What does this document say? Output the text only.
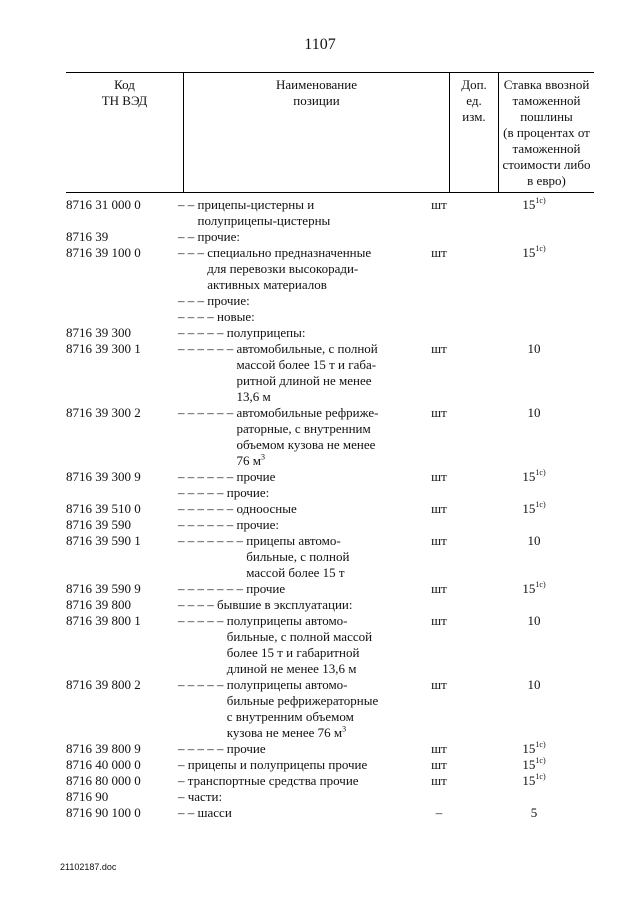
1107
Код
ТН ВЭД
Наименование
позиции
Доп.
ед.
изм.
Ставка ввозной
таможенной
пошлины
(в процентах от
таможенной
стоимости либо
в евро)
8716 31 000 0	– – прицепы-цистерны и
полуприцепы-цистерны
шт	$15^{1с)}$
8716 39	– – прочие:
8716 39 100 0	– – – специально предназначенные
для перевозки высокоради-
активных материалов
шт	$15^{1с)}$
– – – прочие:
– – – – новые:
8716 39 300	– – – – – полуприцепы:
8716 39 300 1	– – – – – – автомобильные, с полной
массой более 15 т и габа-
ритной длиной не менее
13,6 м
шт	10
8716 39 300 2	– – – – – – автомобильные рефриже-
раторные, с внутренним
объемом кузова не менее
76 $м^3$
шт	10
8716 39 300 9	– – – – – – прочие	шт	$15^{1с)}$
– – – – – прочие:
8716 39 510 0	– – – – – – одноосные	шт	$15^{1с)}$
8716 39 590	– – – – – – прочие:
8716 39 590 1	– – – – – – – прицепы автомо-
бильные, с полной
массой более 15 т
шт	10
8716 39 590 9	– – – – – – – прочие	шт	$15^{1с)}$
8716 39 800	– – – – бывшие в эксплуатации:
8716 39 800 1	– – – – – полуприцепы автомо-
бильные, с полной массой
более 15 т и габаритной
длиной не менее 13,6 м
шт	10
8716 39 800 2	– – – – – полуприцепы автомо-
бильные рефрижераторные
с внутренним объемом
кузова не менее 76 $м^3$
шт	10
8716 39 800 9	– – – – – прочие	шт	$15^{1с)}$
8716 40 000 0	– прицепы и полуприцепы прочие	шт	$15^{1с)}$
8716 80 000 0	– транспортные средства прочие	шт	$15^{1с)}$
8716 90	– части:
8716 90 100 0	– – шасси	–	5
21102187.doc
